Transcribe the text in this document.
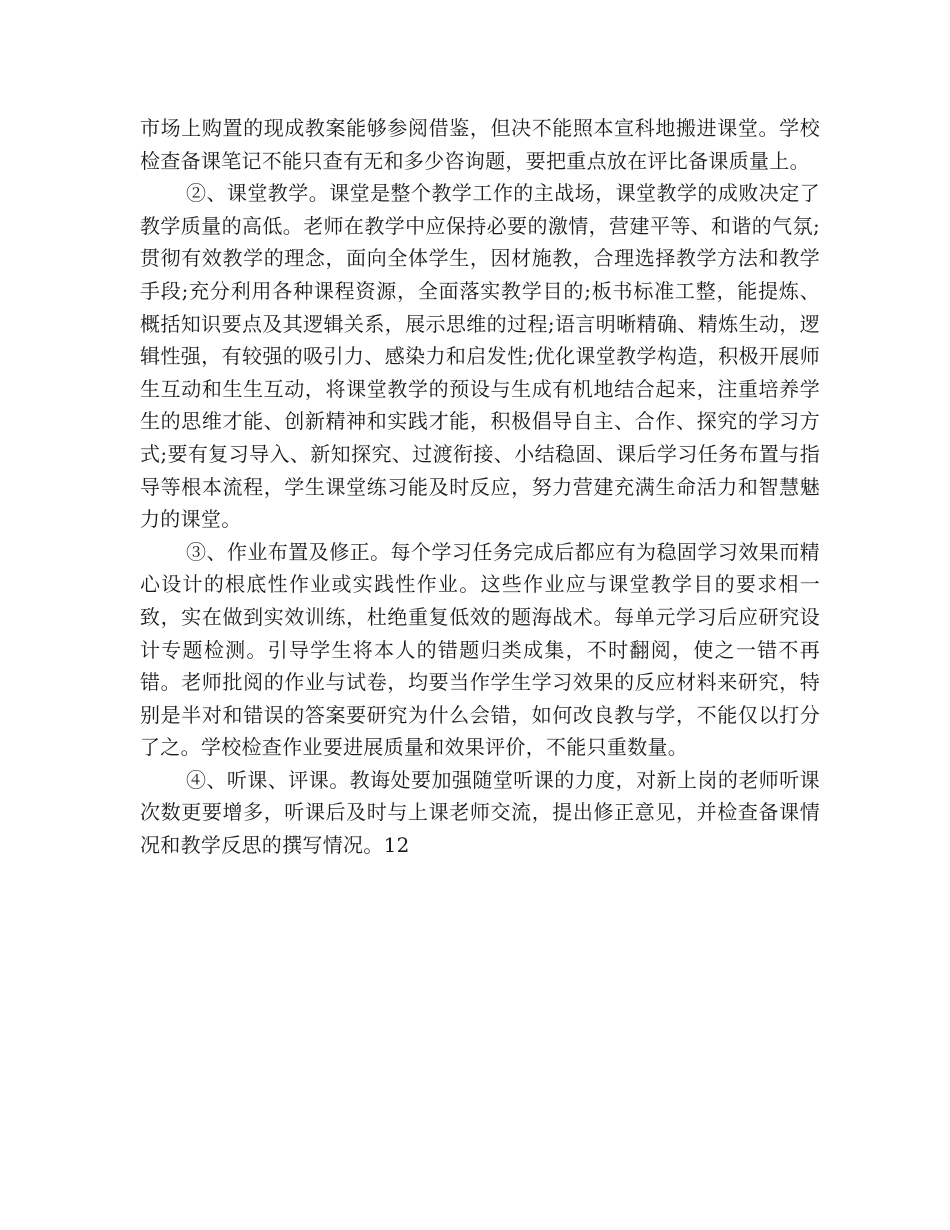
市场上购置的现成教案能够参阅借鉴，但决不能照本宣科地搬进课堂。学校检查备课笔记不能只查有无和多少咨询题，要把重点放在评比备课质量上。

②、课堂教学。课堂是整个教学工作的主战场，课堂教学的成败决定了教学质量的高低。老师在教学中应保持必要的激情，营建平等、和谐的气氛;贯彻有效教学的理念，面向全体学生，因材施教，合理选择教学方法和教学手段;充分利用各种课程资源，全面落实教学目的;板书标准工整，能提炼、概括知识要点及其逻辑关系，展示思维的过程;语言明晰精确、精炼生动，逻辑性强，有较强的吸引力、感染力和启发性;优化课堂教学构造，积极开展师生互动和生生互动，将课堂教学的预设与生成有机地结合起来，注重培养学生的思维才能、创新精神和实践才能，积极倡导自主、合作、探究的学习方式;要有复习导入、新知探究、过渡衔接、小结稳固、课后学习任务布置与指导等根本流程，学生课堂练习能及时反应，努力营建充满生命活力和智慧魅力的课堂。

③、作业布置及修正。每个学习任务完成后都应有为稳固学习效果而精心设计的根底性作业或实践性作业。这些作业应与课堂教学目的要求相一致，实在做到实效训练，杜绝重复低效的题海战术。每单元学习后应研究设计专题检测。引导学生将本人的错题归类成集，不时翻阅，使之一错不再错。老师批阅的作业与试卷，均要当作学生学习效果的反应材料来研究，特别是半对和错误的答案要研究为什么会错，如何改良教与学，不能仅以打分了之。学校检查作业要进展质量和效果评价，不能只重数量。

④、听课、评课。教诲处要加强随堂听课的力度，对新上岗的老师听课次数更要增多，听课后及时与上课老师交流，提出修正意见，并检查备课情况和教学反思的撰写情况。12
